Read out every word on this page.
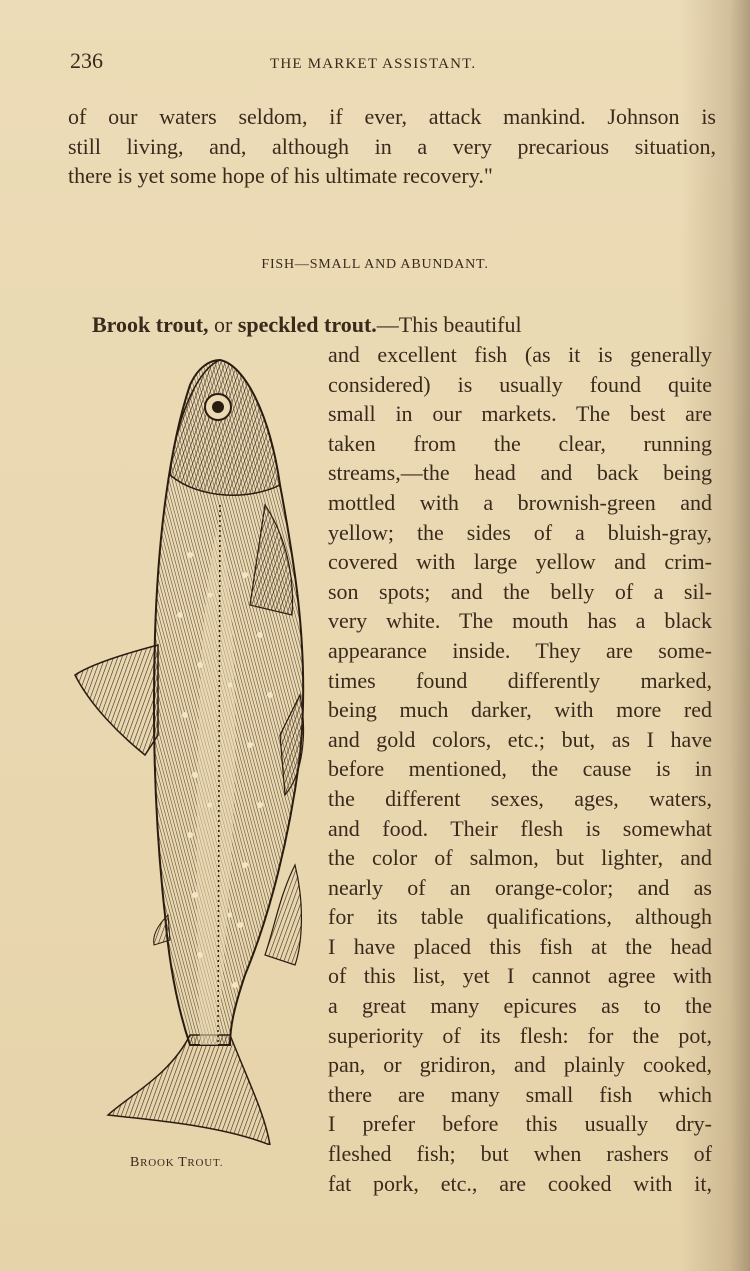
236	THE MARKET ASSISTANT.
of our waters seldom, if ever, attack mankind. Johnson is
still living, and, although in a very precarious situation,
there is yet some hope of his ultimate recovery."
FISH—SMALL AND ABUNDANT.
Brook trout, or speckled trout.—This beautiful
and excellent fish (as it is generally
considered) is usually found quite
small in our markets. The best are
taken from the clear, running
streams,—the head and back being
mottled with a brownish-green and
yellow; the sides of a bluish-gray,
covered with large yellow and crim-
son spots; and the belly of a sil-
very white. The mouth has a black
appearance inside. They are some-
times found differently marked,
being much darker, with more red
and gold colors, etc.; but, as I have
before mentioned, the cause is in
the different sexes, ages, waters,
and food. Their flesh is somewhat
the color of salmon, but lighter, and
nearly of an orange-color; and as
for its table qualifications, although
I have placed this fish at the head
of this list, yet I cannot agree with
a great many epicures as to the
superiority of its flesh: for the pot,
pan, or gridiron, and plainly cooked,
there are many small fish which
I prefer before this usually dry-
fleshed fish; but when rashers of
fat pork, etc., are cooked with it,
BROOK TROUT.
